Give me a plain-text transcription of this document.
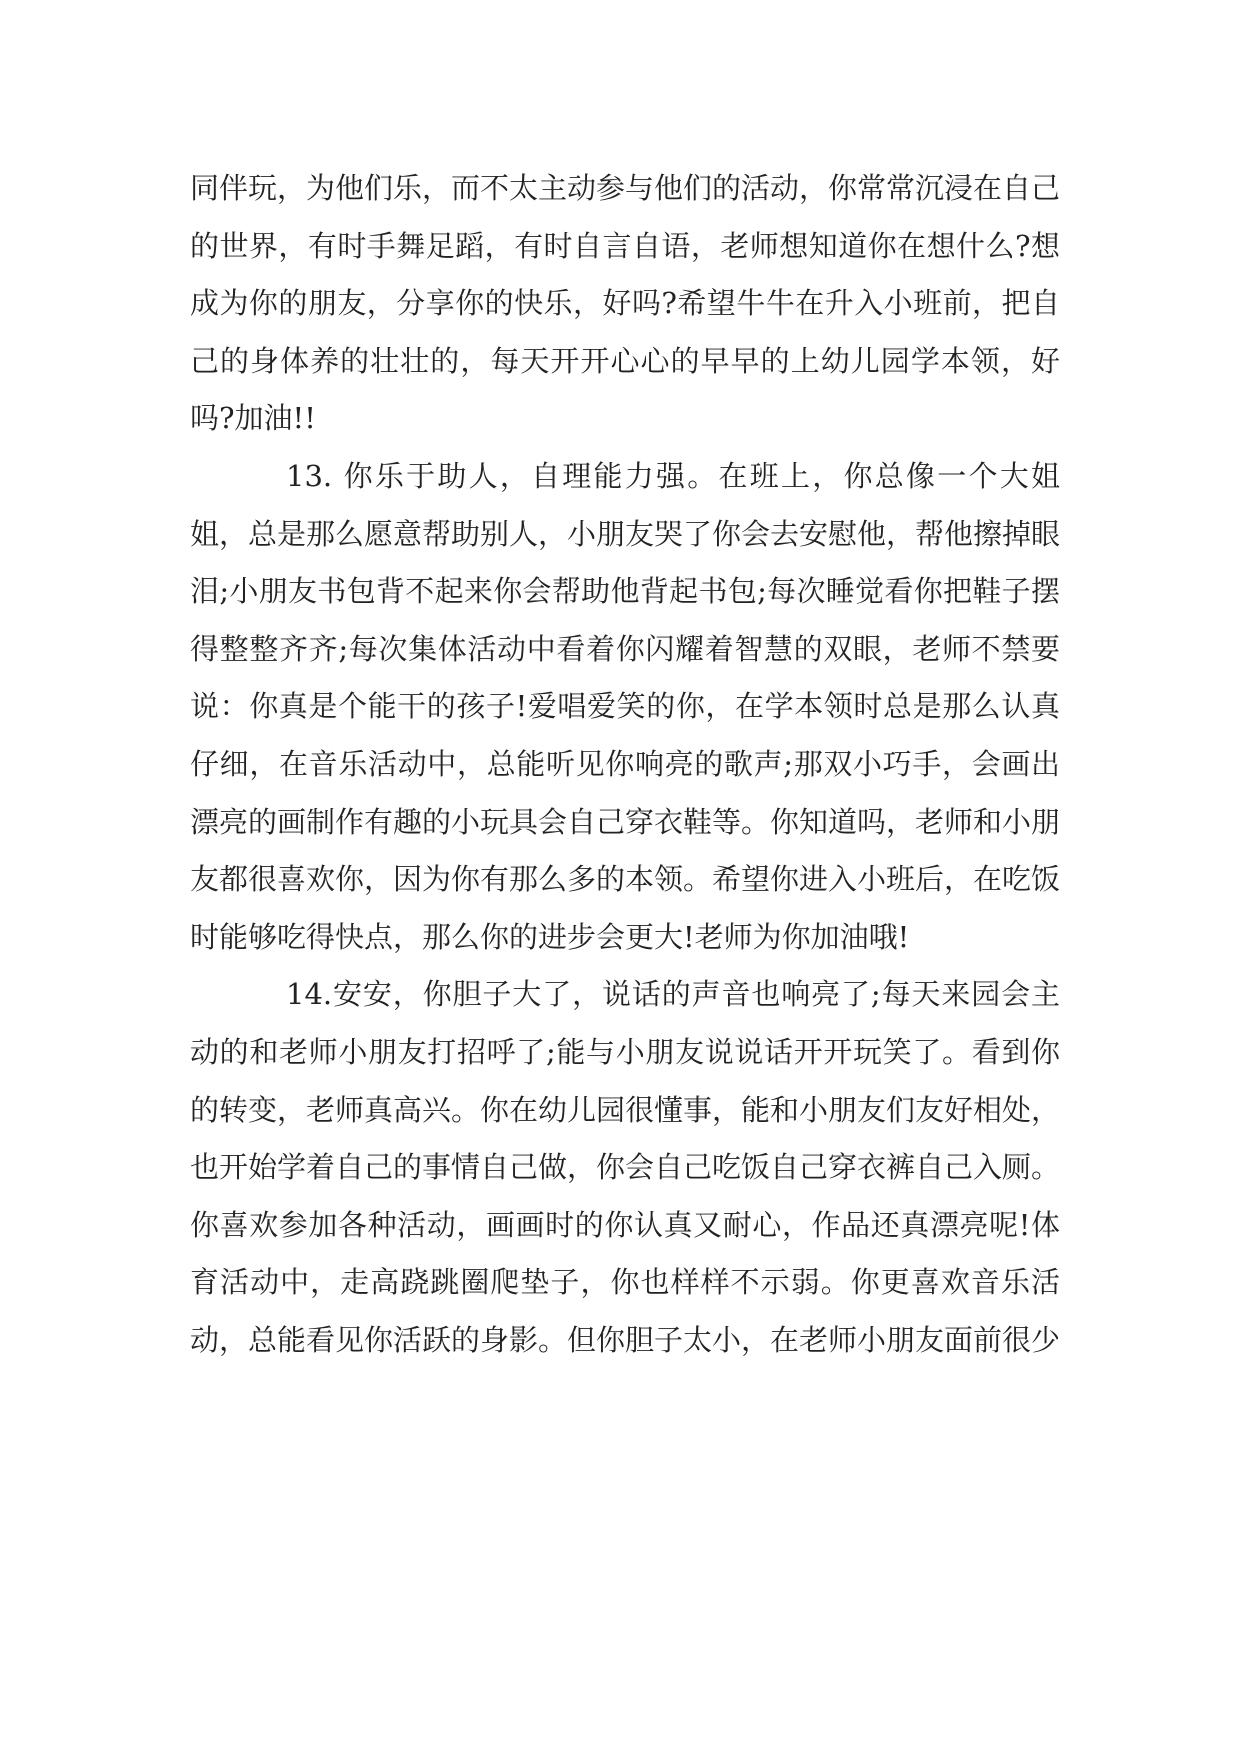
同伴玩，为他们乐，而不太主动参与他们的活动，你常常沉浸在自己的世界，有时手舞足蹈，有时自言自语，老师想知道你在想什么?想成为你的朋友，分享你的快乐，好吗?希望牛牛在升入小班前，把自己的身体养的壮壮的，每天开开心心的早早的上幼儿园学本领，好吗?加油!!

13. 你乐于助人，自理能力强。在班上，你总像一个大姐姐，总是那么愿意帮助别人，小朋友哭了你会去安慰他，帮他擦掉眼泪;小朋友书包背不起来你会帮助他背起书包;每次睡觉看你把鞋子摆得整整齐齐;每次集体活动中看着你闪耀着智慧的双眼，老师不禁要说：你真是个能干的孩子!爱唱爱笑的你，在学本领时总是那么认真仔细，在音乐活动中，总能听见你响亮的歌声;那双小巧手，会画出漂亮的画制作有趣的小玩具会自己穿衣鞋等。你知道吗，老师和小朋友都很喜欢你，因为你有那么多的本领。希望你进入小班后，在吃饭时能够吃得快点，那么你的进步会更大!老师为你加油哦!

14.安安，你胆子大了，说话的声音也响亮了;每天来园会主动的和老师小朋友打招呼了;能与小朋友说说话开开玩笑了。看到你的转变，老师真高兴。你在幼儿园很懂事，能和小朋友们友好相处，也开始学着自己的事情自己做，你会自己吃饭自己穿衣裤自己入厕。你喜欢参加各种活动，画画时的你认真又耐心，作品还真漂亮呢!体育活动中，走高跷跳圈爬垫子，你也样样不示弱。你更喜欢音乐活动，总能看见你活跃的身影。但你胆子太小，在老师小朋友面前很少
